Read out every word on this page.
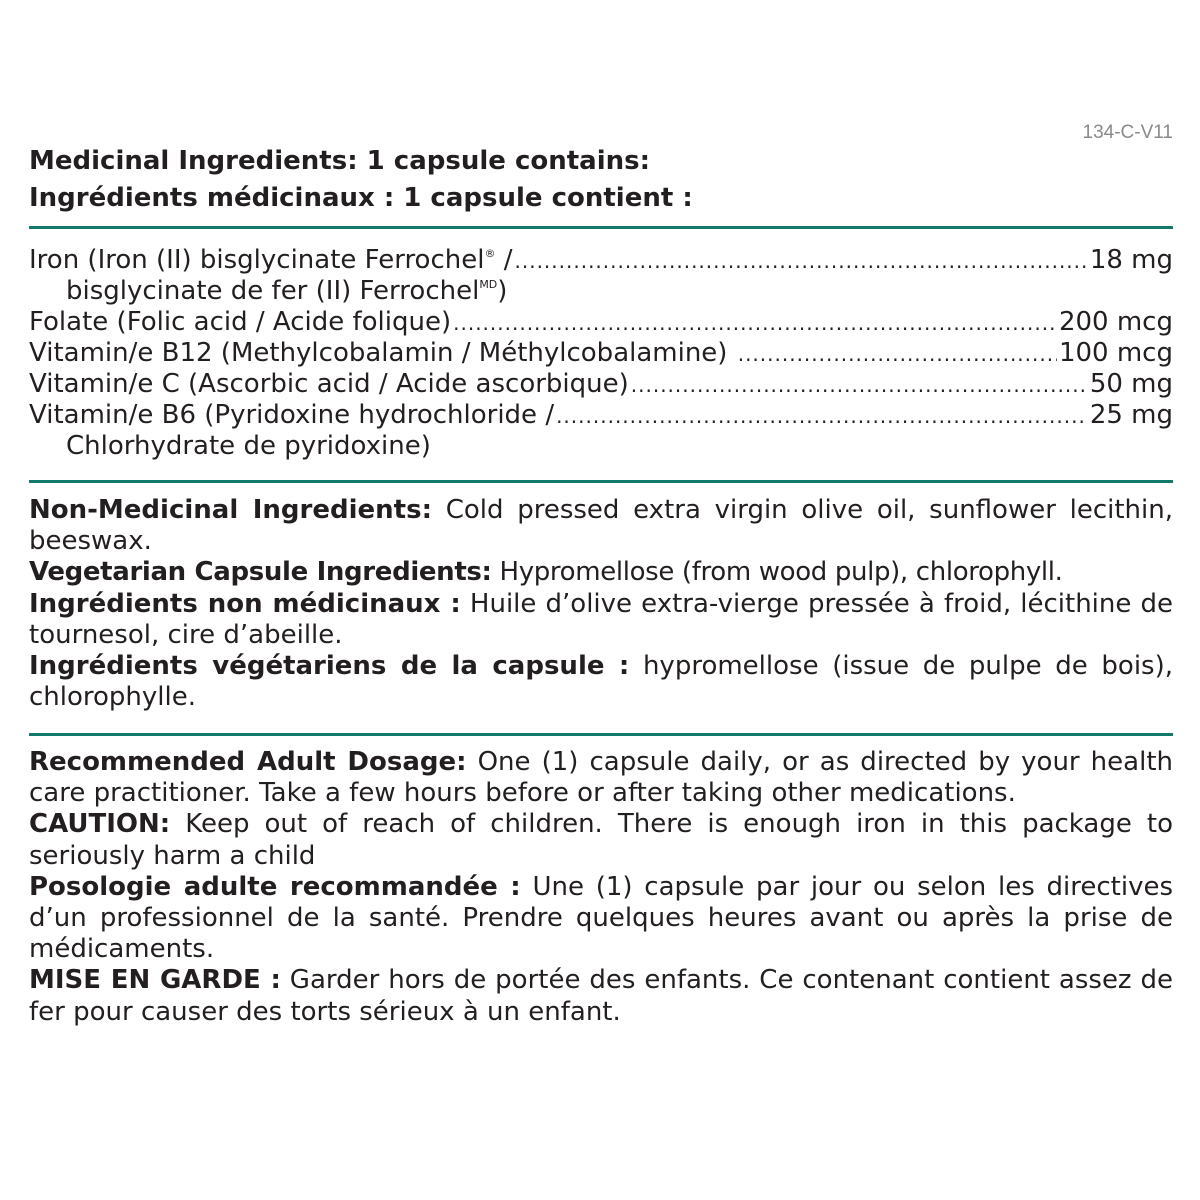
134-C-V11
Medicinal Ingredients: 1 capsule contains:
Ingrédients médicinaux : 1 capsule contient :
Iron (Iron (II) bisglycinate Ferrochel® / .....	18 mg
bisglycinate de fer (II) Ferrochel$^{MD}$)
Folate (Folic acid / Acide folique) .....	200 mcg
Vitamin/e B12 (Methylcobalamin / Méthylcobalamine) .....	100 mcg
Vitamin/e C (Ascorbic acid / Acide ascorbique) .....	50 mg
Vitamin/e B6 (Pyridoxine hydrochloride / .....	25 mg
Chlorhydrate de pyridoxine)

Non-Medicinal Ingredients: Cold pressed extra virgin olive oil, sunflower lecithin, beeswax.

Vegetarian Capsule Ingredients: Hypromellose (from wood pulp), chlorophyll.

Ingrédients non médicinaux : Huile d’olive extra-vierge pressée à froid, lécithine de tournesol, cire d’abeille.

Ingrédients végétariens de la capsule : hypromellose (issue de pulpe de bois), chlorophylle.

Recommended Adult Dosage: One (1) capsule daily, or as directed by your health care practitioner. Take a few hours before or after taking other medications.

CAUTION: Keep out of reach of children. There is enough iron in this package to seriously harm a child

Posologie adulte recommandée : Une (1) capsule par jour ou selon les directives d’un professionnel de la santé. Prendre quelques heures avant ou après la prise de médicaments.

MISE EN GARDE : Garder hors de portée des enfants. Ce contenant contient assez de fer pour causer des torts sérieux à un enfant.
